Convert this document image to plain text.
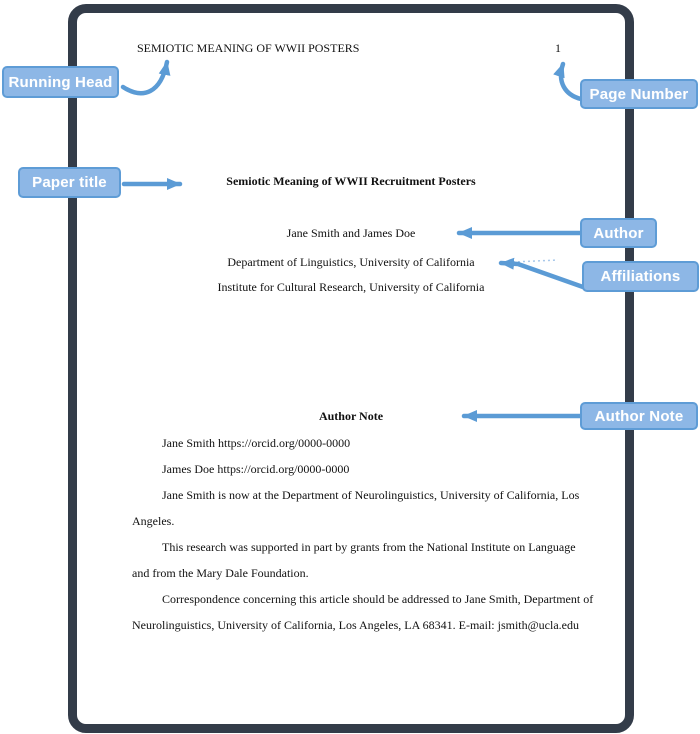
SEMIOTIC MEANING OF WWII POSTERS	1
Semiotic Meaning of WWII Recruitment Posters
Jane Smith and James Doe
Department of Linguistics, University of California
Institute for Cultural Research, University of California
Author Note
Jane Smith https://orcid.org/0000-0000
James Doe https://orcid.org/0000-0000
Jane Smith is now at the Department of Neurolinguistics, University of California, Los
Angeles.
This research was supported in part by grants from the National Institute on Language
and from the Mary Dale Foundation.
Correspondence concerning this article should be addressed to Jane Smith, Department of
Neurolinguistics, University of California, Los Angeles, LA 68341. E-mail: jsmith@ucla.edu
Running Head
Page Number
Paper title
Author
Affiliations
Author Note
